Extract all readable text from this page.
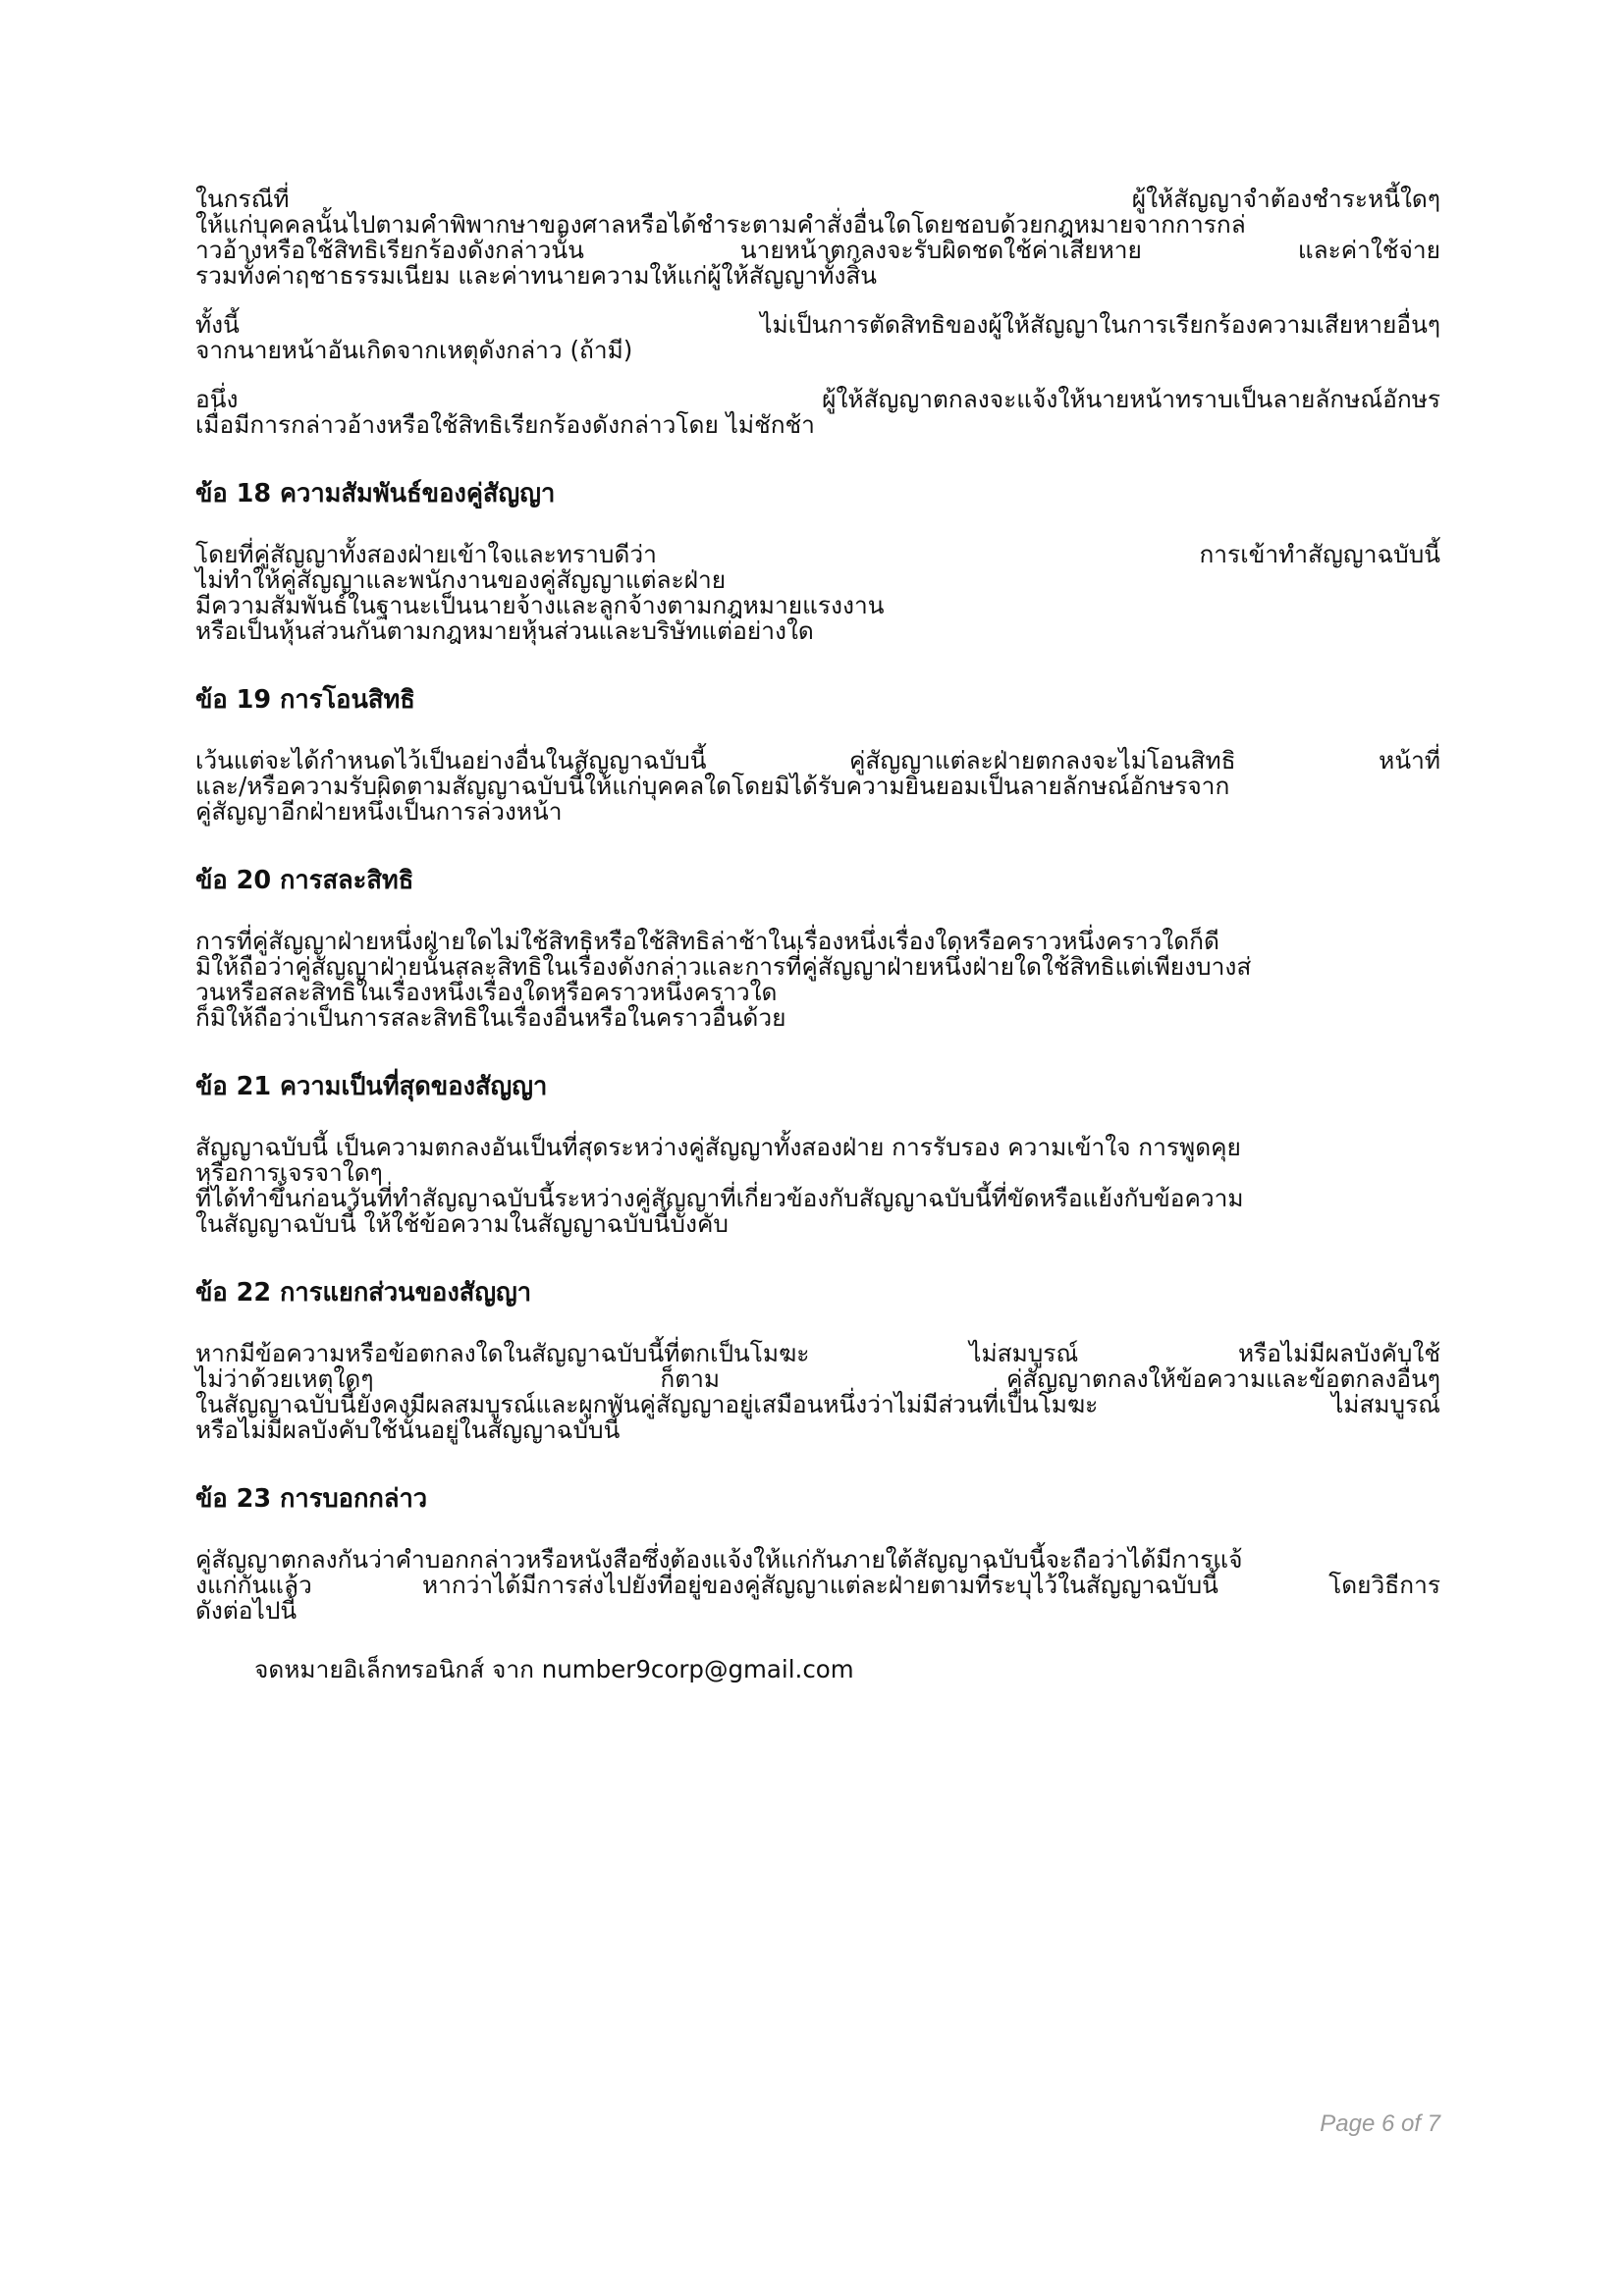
ในกรณีที่	ผู้ให้สัญญาจำต้องชำระหนี้ใดๆ
ให้แก่บุคคลนั้นไปตามคำพิพากษาของศาลหรือได้ชำระตามคำสั่งอื่นใดโดยชอบด้วยกฎหมายจากการกล่
าวอ้างหรือใช้สิทธิเรียกร้องดังกล่าวนั้น	นายหน้าตกลงจะรับผิดชดใช้ค่าเสียหาย	และค่าใช้จ่าย
รวมทั้งค่าฤชาธรรมเนียม และค่าทนายความให้แก่ผู้ให้สัญญาทั้งสิ้น
ทั้งนี้	ไม่เป็นการตัดสิทธิของผู้ให้สัญญาในการเรียกร้องความเสียหายอื่นๆ
จากนายหน้าอันเกิดจากเหตุดังกล่าว (ถ้ามี)
อนึ่ง	ผู้ให้สัญญาตกลงจะแจ้งให้นายหน้าทราบเป็นลายลักษณ์อักษร
เมื่อมีการกล่าวอ้างหรือใช้สิทธิเรียกร้องดังกล่าวโดย ไม่ชักช้า
ข้อ 18 ความสัมพันธ์ของคู่สัญญา
โดยที่คู่สัญญาทั้งสองฝ่ายเข้าใจและทราบดีว่า	การเข้าทำสัญญาฉบับนี้
ไม่ทำให้คู่สัญญาและพนักงานของคู่สัญญาแต่ละฝ่าย
มีความสัมพันธ์ในฐานะเป็นนายจ้างและลูกจ้างตามกฎหมายแรงงาน
หรือเป็นหุ้นส่วนกันตามกฎหมายหุ้นส่วนและบริษัทแต่อย่างใด
ข้อ 19 การโอนสิทธิ
เว้นแต่จะได้กำหนดไว้เป็นอย่างอื่นในสัญญาฉบับนี้	คู่สัญญาแต่ละฝ่ายตกลงจะไม่โอนสิทธิ	หน้าที่
และ/หรือความรับผิดตามสัญญาฉบับนี้ให้แก่บุคคลใดโดยมิได้รับความยินยอมเป็นลายลักษณ์อักษรจาก
คู่สัญญาอีกฝ่ายหนึ่งเป็นการล่วงหน้า
ข้อ 20 การสละสิทธิ
การที่คู่สัญญาฝ่ายหนึ่งฝ่ายใดไม่ใช้สิทธิหรือใช้สิทธิล่าช้าในเรื่องหนึ่งเรื่องใดหรือคราวหนึ่งคราวใดก็ดี
มิให้ถือว่าคู่สัญญาฝ่ายนั้นสละสิทธิในเรื่องดังกล่าวและการที่คู่สัญญาฝ่ายหนึ่งฝ่ายใดใช้สิทธิแต่เพียงบางส่
วนหรือสละสิทธิในเรื่องหนึ่งเรื่องใดหรือคราวหนึ่งคราวใด
ก็มิให้ถือว่าเป็นการสละสิทธิในเรื่องอื่นหรือในคราวอื่นด้วย
ข้อ 21 ความเป็นที่สุดของสัญญา
สัญญาฉบับนี้ เป็นความตกลงอันเป็นที่สุดระหว่างคู่สัญญาทั้งสองฝ่าย การรับรอง ความเข้าใจ การพูดคุย
หรือการเจรจาใดๆ
ที่ได้ทำขึ้นก่อนวันที่ทำสัญญาฉบับนี้ระหว่างคู่สัญญาที่เกี่ยวข้องกับสัญญาฉบับนี้ที่ขัดหรือแย้งกับข้อความ
ในสัญญาฉบับนี้ ให้ใช้ข้อความในสัญญาฉบับนี้บังคับ
ข้อ 22 การแยกส่วนของสัญญา
หากมีข้อความหรือข้อตกลงใดในสัญญาฉบับนี้ที่ตกเป็นโมฆะ	ไม่สมบูรณ์	หรือไม่มีผลบังคับใช้
ไม่ว่าด้วยเหตุใดๆ	ก็ตาม	คู่สัญญาตกลงให้ข้อความและข้อตกลงอื่นๆ
ในสัญญาฉบับนี้ยังคงมีผลสมบูรณ์และผูกพันคู่สัญญาอยู่เสมือนหนึ่งว่าไม่มีส่วนที่เป็นโมฆะ	ไม่สมบูรณ์
หรือไม่มีผลบังคับใช้นั้นอยู่ในสัญญาฉบับนี้
ข้อ 23 การบอกกล่าว
คู่สัญญาตกลงกันว่าคำบอกกล่าวหรือหนังสือซึ่งต้องแจ้งให้แก่กันภายใต้สัญญาฉบับนี้จะถือว่าได้มีการแจ้
งแก่กันแล้ว	หากว่าได้มีการส่งไปยังที่อยู่ของคู่สัญญาแต่ละฝ่ายตามที่ระบุไว้ในสัญญาฉบับนี้	โดยวิธีการ
ดังต่อไปนี้
จดหมายอิเล็กทรอนิกส์ จาก number9corp@gmail.com
Page 6 of 7
